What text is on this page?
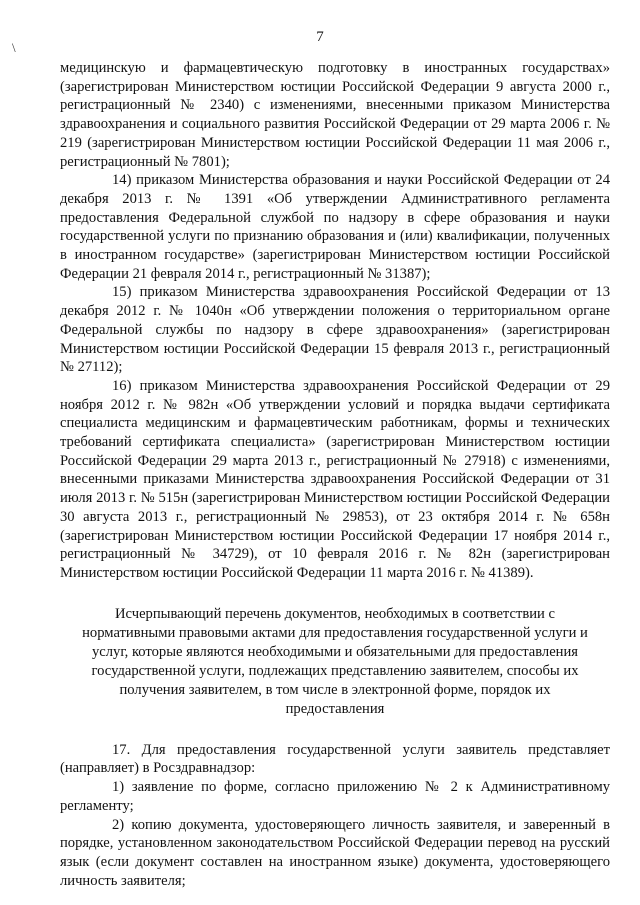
\
7

медицинскую и фармацевтическую подготовку в иностранных государствах» (зарегистрирован Министерством юстиции Российской Федерации 9 августа 2000 г., регистрационный № 2340) с изменениями, внесенными приказом Министерства здравоохранения и социального развития Российской Федерации от 29 марта 2006 г. № 219 (зарегистрирован Министерством юстиции Российской Федерации 11 мая 2006 г., регистрационный № 7801);

14) приказом Министерства образования и науки Российской Федерации от 24 декабря 2013 г. № 1391 «Об утверждении Административного регламента предоставления Федеральной службой по надзору в сфере образования и науки государственной услуги по признанию образования и (или) квалификации, полученных в иностранном государстве» (зарегистрирован Министерством юстиции Российской Федерации 21 февраля 2014 г., регистрационный № 31387);

15) приказом Министерства здравоохранения Российской Федерации от 13 декабря 2012 г. № 1040н «Об утверждении положения о территориальном органе Федеральной службы по надзору в сфере здравоохранения» (зарегистрирован Министерством юстиции Российской Федерации 15 февраля 2013 г., регистрационный № 27112);

16) приказом Министерства здравоохранения Российской Федерации от 29 ноября 2012 г. № 982н «Об утверждении условий и порядка выдачи сертификата специалиста медицинским и фармацевтическим работникам, формы и технических требований сертификата специалиста» (зарегистрирован Министерством юстиции Российской Федерации 29 марта 2013 г., регистрационный № 27918) с изменениями, внесенными приказами Министерства здравоохранения Российской Федерации от 31 июля 2013 г. № 515н (зарегистрирован Министерством юстиции Российской Федерации 30 августа 2013 г., регистрационный № 29853), от 23 октября 2014 г. № 658н (зарегистрирован Министерством юстиции Российской Федерации 17 ноября 2014 г., регистрационный № 34729), от 10 февраля 2016 г. № 82н (зарегистрирован Министерством юстиции Российской Федерации 11 марта 2016 г. № 41389).

Исчерпывающий перечень документов, необходимых в соответствии с нормативными правовыми актами для предоставления государственной услуги и услуг, которые являются необходимыми и обязательными для предоставления государственной услуги, подлежащих представлению заявителем, способы их получения заявителем, в том числе в электронной форме, порядок их предоставления

17. Для предоставления государственной услуги заявитель представляет (направляет) в Росздравнадзор:

1) заявление по форме, согласно приложению № 2 к Административному регламенту;

2) копию документа, удостоверяющего личность заявителя, и заверенный в порядке, установленном законодательством Российской Федерации перевод на русский язык (если документ составлен на иностранном языке) документа, удостоверяющего личность заявителя;
